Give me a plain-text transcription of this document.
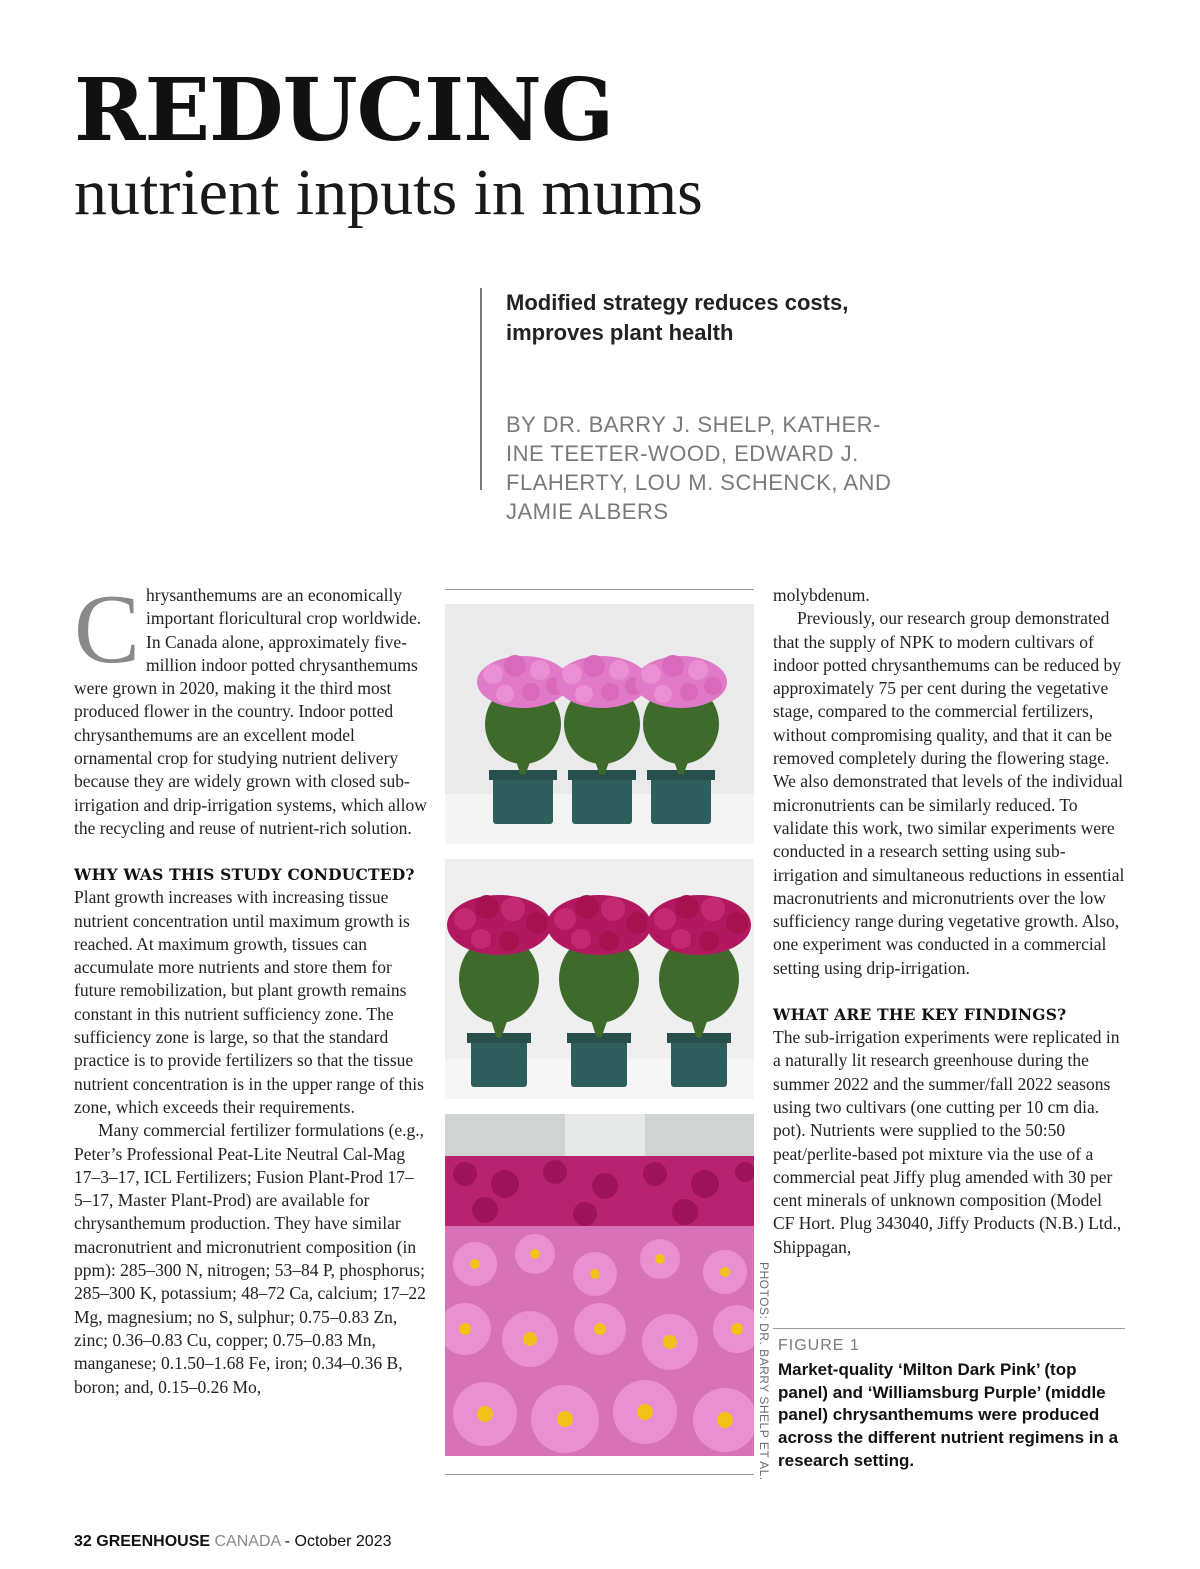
REDUCING
nutrient inputs in mums

Modified strategy reduces costs, improves plant health

BY DR. BARRY J. SHELP, KATHER-
INE TEETER-WOOD, EDWARD J.
FLAHERTY, LOU M. SCHENCK, AND
JAMIE ALBERS

Chrysanthemums are an economically important floricultural crop worldwide. In Canada alone, approximately five-million indoor potted chrysanthemums were grown in 2020, making it the third most produced flower in the country. Indoor potted chrysanthemums are an excellent model ornamental crop for studying nutrient delivery because they are widely grown with closed sub-irrigation and drip-irrigation systems, which allow the recycling and reuse of nutrient-rich solution.

WHY WAS THIS STUDY CONDUCTED?

Plant growth increases with increasing tissue nutrient concentration until maximum growth is reached. At maximum growth, tissues can accumulate more nutrients and store them for future remobilization, but plant growth remains constant in this nutrient sufficiency zone. The sufficiency zone is large, so that the standard practice is to provide fertilizers so that the tissue nutrient concentration is in the upper range of this zone, which exceeds their requirements.

Many commercial fertilizer formulations (e.g., Peter’s Professional Peat-Lite Neutral Cal-Mag 17–3–17, ICL Fertilizers; Fusion Plant-Prod 17–5–17, Master Plant-Prod) are available for chrysanthemum production. They have similar macronutrient and micronutrient composition (in ppm): 285–300 N, nitrogen; 53–84 P, phosphorus; 285–300 K, potassium; 48–72 Ca, calcium; 17–22 Mg, magnesium; no S, sulphur; 0.75–0.83 Zn, zinc; 0.36–0.83 Cu, copper; 0.75–0.83 Mn, manganese; 0.1.50–1.68 Fe, iron; 0.34–0.36 B, boron; and, 0.15–0.26 Mo,	PHOTOS: DR. BARRY SHELP ET AL.

molybdenum.

Previously, our research group demonstrated that the supply of NPK to modern cultivars of indoor potted chrysanthemums can be reduced by approximately 75 per cent during the vegetative stage, compared to the commercial fertilizers, without compromising quality, and that it can be removed completely during the flowering stage. We also demonstrated that levels of the individual micronutrients can be similarly reduced. To validate this work, two similar experiments were conducted in a research setting using sub-irrigation and simultaneous reductions in essential macronutrients and micronutrients over the low sufficiency range during vegetative growth. Also, one experiment was conducted in a commercial setting using drip-irrigation.

WHAT ARE THE KEY FINDINGS?

The sub-irrigation experiments were replicated in a naturally lit research greenhouse during the summer 2022 and the summer/fall 2022 seasons using two cultivars (one cutting per 10 cm dia. pot). Nutrients were supplied to the 50:50 peat/perlite-based pot mixture via the use of a commercial peat Jiffy plug amended with 30 per cent minerals of unknown composition (Model CF Hort. Plug 343040, Jiffy Products (N.B.) Ltd., Shippagan,

FIGURE 1

Market-quality ‘Milton Dark Pink’ (top panel) and ‘Williamsburg Purple’ (middle panel) chrysanthemums were produced across the different nutrient regimens in a research setting.

32 GREENHOUSE CANADA - October 2023
